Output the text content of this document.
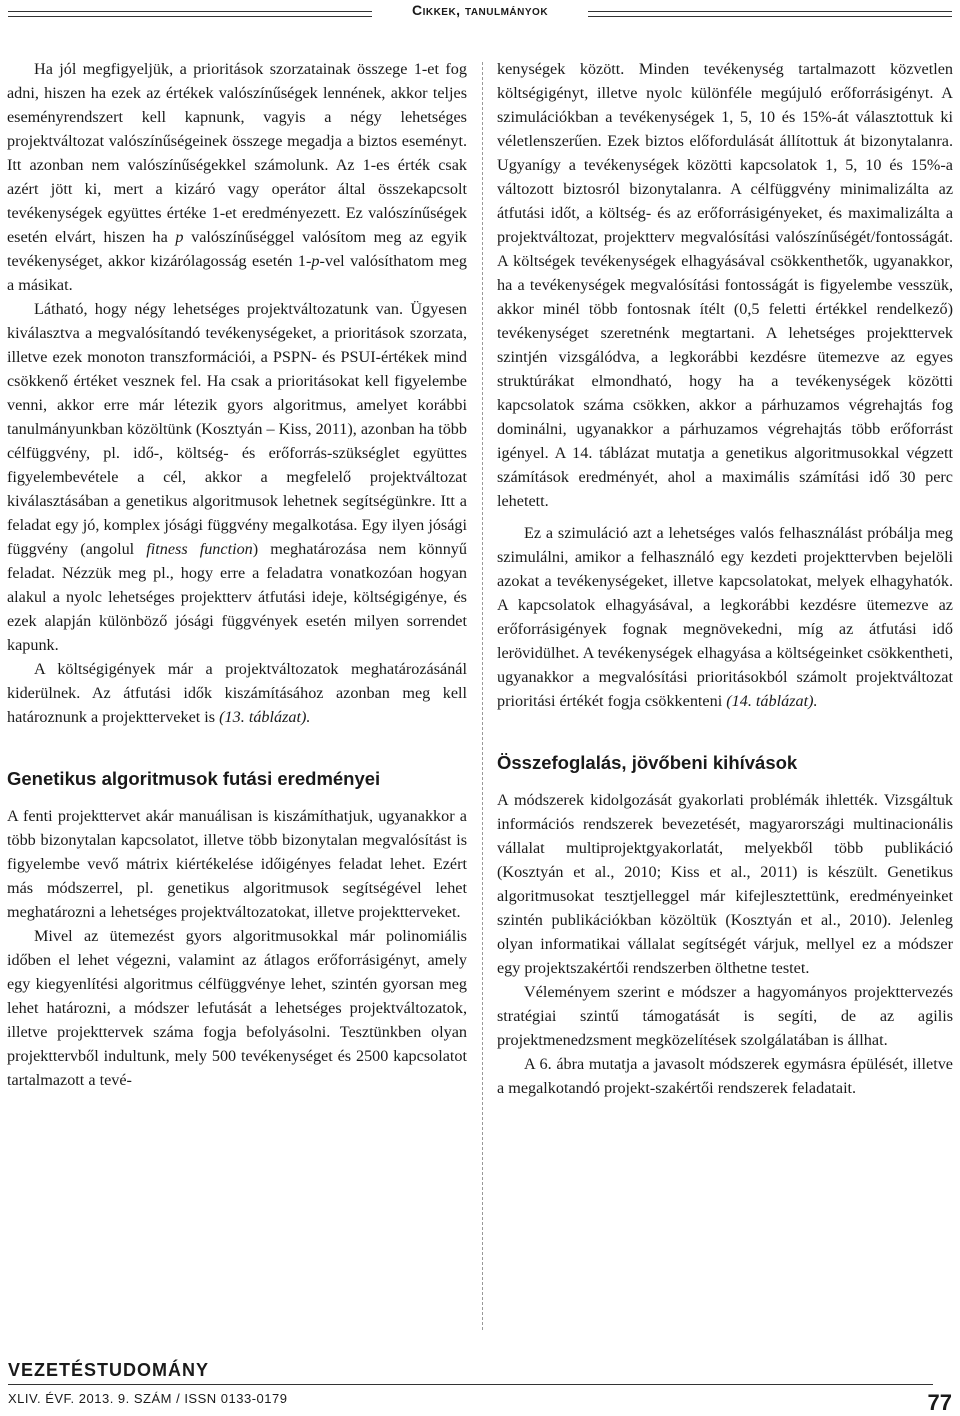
Cikkek, tanulmányok

Ha jól megfigyeljük, a prioritások szorzatainak összege 1-et fog adni, hiszen ha ezek az értékek valószínűségek lennének, akkor teljes eseményrendszert kell kapnunk, vagyis a négy lehetséges projektváltozat valószínűségeinek összege megadja a biztos eseményt. Itt azonban nem valószínűségekkel számolunk. Az 1-es érték csak azért jött ki, mert a kizáró vagy operátor által összekapcsolt tevékenységek együttes értéke 1-et eredményezett. Ez valószínűségek esetén elvárt, hiszen ha p valószínűséggel valósítom meg az egyik tevékenységet, akkor kizárólagosság esetén 1-p-vel valósíthatom meg a másikat.

Látható, hogy négy lehetséges projektváltozatunk van. Ügyesen kiválasztva a megvalósítandó tevékenységeket, a prioritások szorzata, illetve ezek monoton transzformációi, a PSPN- és PSUI-értékek mind csökkenő értéket vesznek fel. Ha csak a prioritásokat kell figyelembe venni, akkor erre már létezik gyors algoritmus, amelyet korábbi tanulmányunkban közöltünk (Kosztyán – Kiss, 2011), azonban ha több célfüggvény, pl. idő-, költség- és erőforrás-szükséglet együttes figyelembevétele a cél, akkor a megfelelő projektváltozat kiválasztásában a genetikus algoritmusok lehetnek segítségünkre. Itt a feladat egy jó, komplex jósági függvény megalkotása. Egy ilyen jósági függvény (angolul fitness function) meghatározása nem könnyű feladat. Nézzük meg pl., hogy erre a feladatra vonatkozóan hogyan alakul a nyolc lehetséges projektterv átfutási ideje, költségigénye, és ezek alapján különböző jósági függvények esetén milyen sorrendet kapunk.

A költségigények már a projektváltozatok meghatározásánál kiderülnek. Az átfutási idők kiszámításához azonban meg kell határoznunk a projektterveket is (13. táblázat).

Genetikus algoritmusok futási eredményei

A fenti projekttervet akár manuálisan is kiszámíthatjuk, ugyanakkor a több bizonytalan kapcsolatot, illetve több bizonytalan megvalósítást is figyelembe vevő mátrix kiértékelése időigényes feladat lehet. Ezért más módszerrel, pl. genetikus algoritmusok segítségével lehet meghatározni a lehetséges projektváltozatokat, illetve projektterveket.

Mivel az ütemezést gyors algoritmusokkal már polinomiális időben el lehet végezni, valamint az átlagos erőforrásigényt, amely egy kiegyenlítési algoritmus célfüggvénye lehet, szintén gyorsan meg lehet határozni, a módszer lefutását a lehetséges projektváltozatok, illetve projekttervek száma fogja befolyásolni. Tesztünkben olyan projekttervből indultunk, mely 500 tevékenységet és 2500 kapcsolatot tartalmazott a tevé-

kenységek között. Minden tevékenység tartalmazott közvetlen költségigényt, illetve nyolc különféle megújuló erőforrásigényt. A szimulációkban a tevékenységek 1, 5, 10 és 15%-át választottuk ki véletlenszerűen. Ezek biztos előfordulását állítottuk át bizonytalanra. Ugyanígy a tevékenységek közötti kapcsolatok 1, 5, 10 és 15%-a változott biztosról bizonytalanra. A célfüggvény minimalizálta az átfutási időt, a költség- és az erőforrásigényeket, és maximalizálta a projektváltozat, projektterv megvalósítási valószínűségét/fontosságát. A költségek tevékenységek elhagyásával csökkenthetők, ugyanakkor, ha a tevékenységek megvalósítási fontosságát is figyelembe vesszük, akkor minél több fontosnak ítélt (0,5 feletti értékkel rendelkező) tevékenységet szeretnénk megtartani. A lehetséges projekttervek szintjén vizsgálódva, a legkorábbi kezdésre ütemezve az egyes struktúrákat elmondható, hogy ha a tevékenységek közötti kapcsolatok száma csökken, akkor a párhuzamos végrehajtás fog dominálni, ugyanakkor a párhuzamos végrehajtás több erőforrást igényel. A 14. táblázat mutatja a genetikus algoritmusokkal végzett számítások eredményét, ahol a maximális számítási idő 30 perc lehetett.

Ez a szimuláció azt a lehetséges valós felhasználást próbálja meg szimulálni, amikor a felhasználó egy kezdeti projekttervben bejelöli azokat a tevékenységeket, illetve kapcsolatokat, melyek elhagyhatók. A kapcsolatok elhagyásával, a legkorábbi kezdésre ütemezve az erőforrásigények fognak megnövekedni, míg az átfutási idő lerövidülhet. A tevékenységek elhagyása a költségeinket csökkentheti, ugyanakkor a megvalósítási prioritásokból számolt projektváltozat prioritási értékét fogja csökkenteni (14. táblázat).

Összefoglalás, jövőbeni kihívások

A módszerek kidolgozását gyakorlati problémák ihlették. Vizsgáltuk információs rendszerek bevezetését, magyarországi multinacionális vállalat multiprojektgyakorlatát, melyekből több publikáció (Kosztyán et al., 2010; Kiss et al., 2011) is készült. Genetikus algoritmusokat tesztjelleggel már kifejlesztettünk, eredményeinket szintén publikációkban közöltük (Kosztyán et al., 2010). Jelenleg olyan informatikai vállalat segítségét várjuk, mellyel ez a módszer egy projektszakértői rendszerben ölthetne testet.

Véleményem szerint e módszer a hagyományos projekttervezés stratégiai szintű támogatását is segíti, de az agilis projektmenedzsment megközelítések szolgálatában is állhat.

A 6. ábra mutatja a javasolt módszerek egymásra épülését, illetve a megalkotandó projekt-szakértői rendszerek feladatait.

VEZETÉSTUDOMÁNY
XLIV. ÉVF. 2013. 9. SZÁM / ISSN 0133-0179	77
